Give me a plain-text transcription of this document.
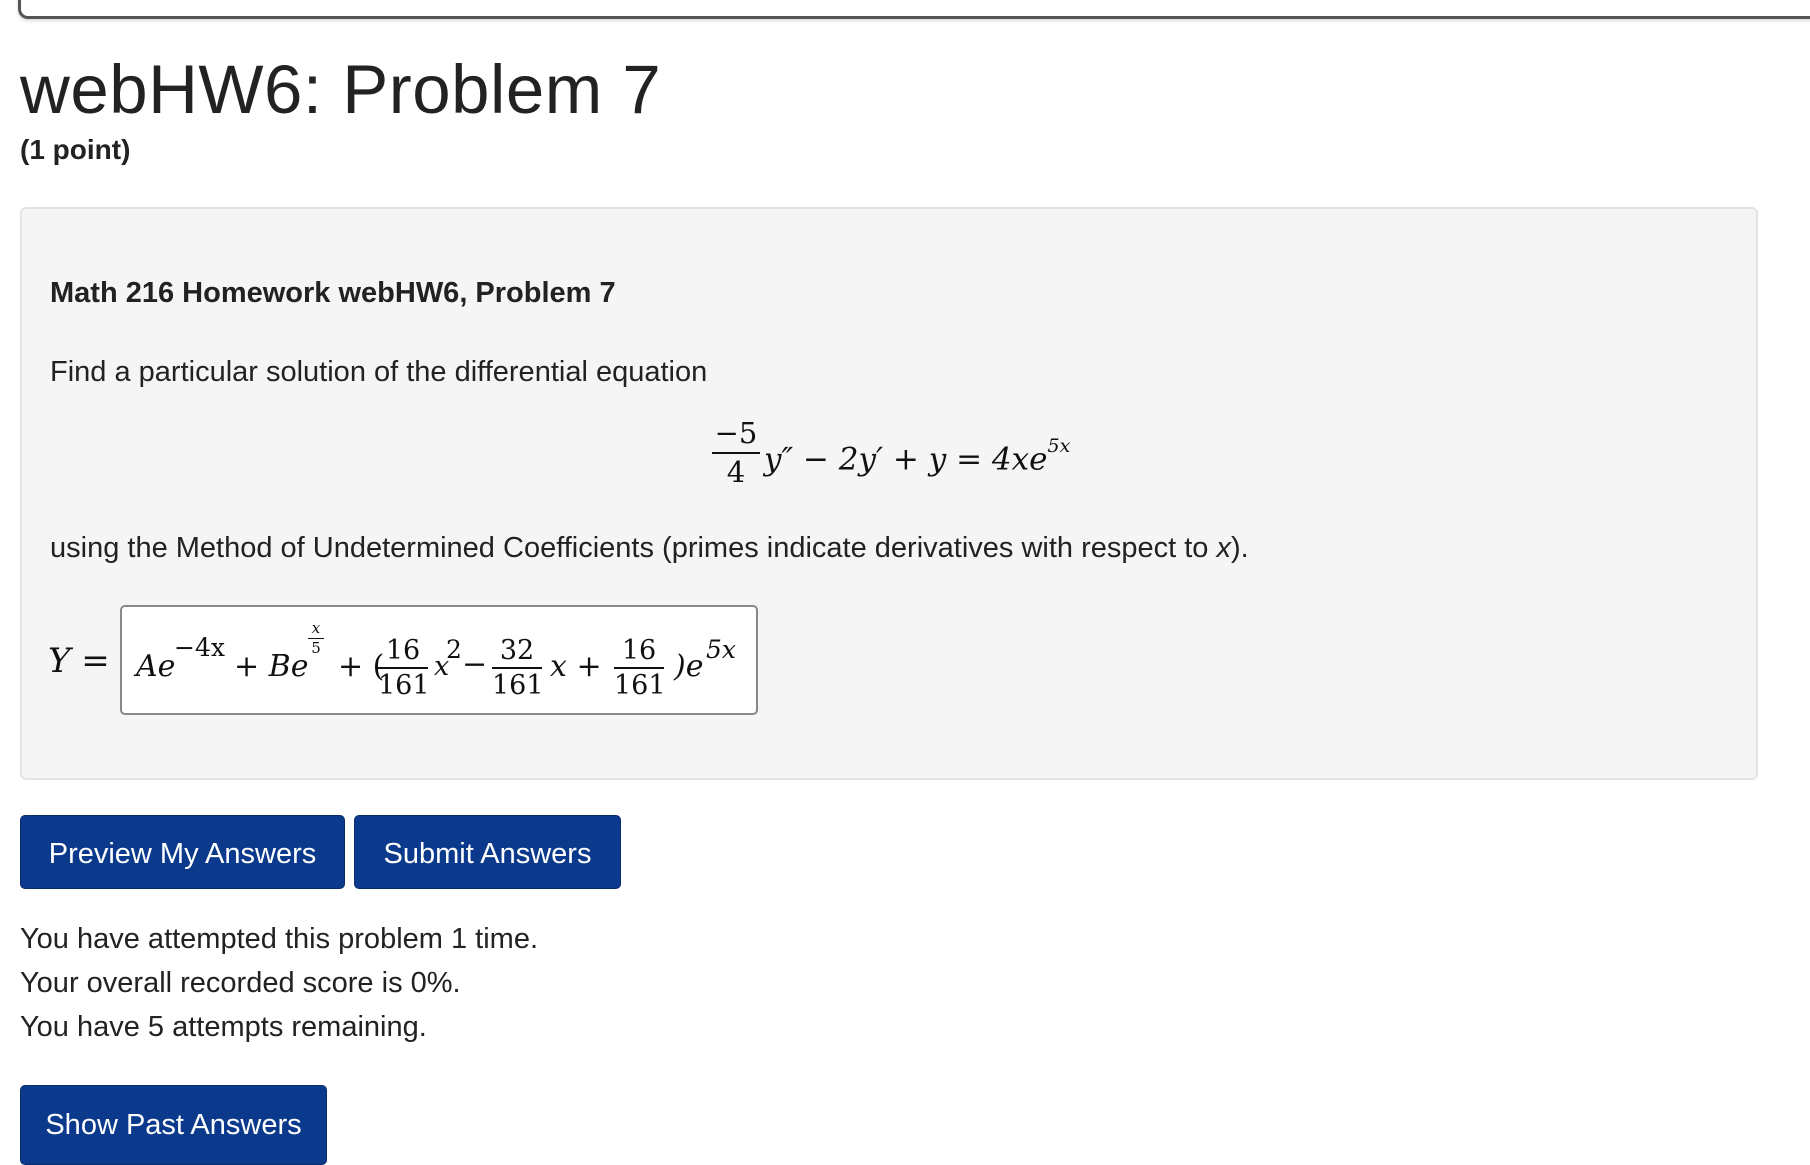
webHW6: Problem 7
(1 point)
Math 216 Homework webHW6, Problem 7
Find a particular solution of the differential equation
−5
4 $y'' - 2y' + y = 4xe^{5x}$
using the Method of Undetermined Coefficients (primes indicate derivatives with respect to x).
Y = Ae
−4x
+ Be
x
5
+ ( 16
161
x
2 − 32
161
x + 16
161
)e 5x
Preview My Answers	Submit Answers
You have attempted this problem 1 time.
Your overall recorded score is 0%.
You have 5 attempts remaining.
Show Past Answers
